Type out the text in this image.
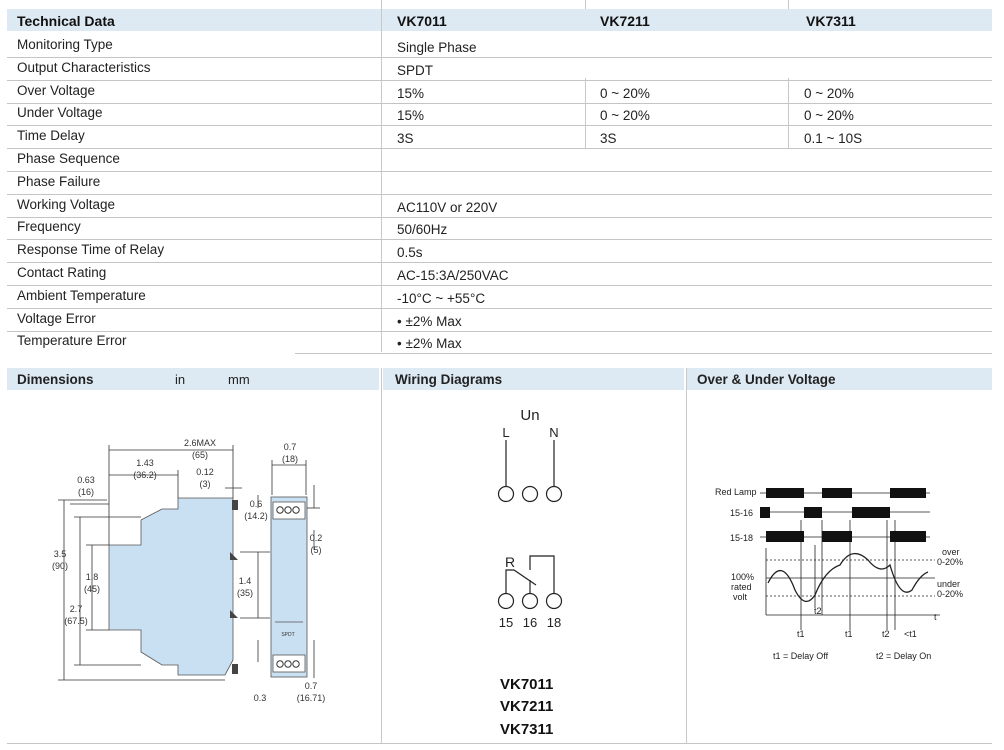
Technical Data	VK7011	VK7211	VK7311
Monitoring Type	Single Phase
Output Characteristics	SPDT
Over Voltage	15%	0 ~ 20%	0 ~ 20%
Under Voltage	15%	0 ~ 20%	0 ~ 20%
Time Delay	3S	3S	0.1 ~ 10S
Phase Sequence
Phase Failure
Working Voltage	AC110V or 220V
Frequency	50/60Hz
Response Time of Relay	0.5s
Contact Rating	AC-15:3A/250VAC
Ambient Temperature	-10°C ~ +55°C
Voltage Error	• ±2% Max
Temperature Error	• ±2% Max
Dimensions	in	mm	Wiring Diagrams	Over & Under Voltage
2.6MAX
(65)
1.43
(36.2)
0.63
(16)
0.12
(3)
0.7
(18)
0.6
(14.2)
0.2
(5)
3.5
(90)
1.8
(45)
2.7
(67.5)
1.4
(35)
0.3
0.7
(16.71)
SPDT
Un
L	N
R
15 16 18
VK7011
VK7211
VK7311
Red Lamp
15-16
15-18
over
0-20%
under
0-20%
100%
rated
volt
t
t1
t2
t1	t2 <t1
t1 = Delay Off	t2 = Delay On
